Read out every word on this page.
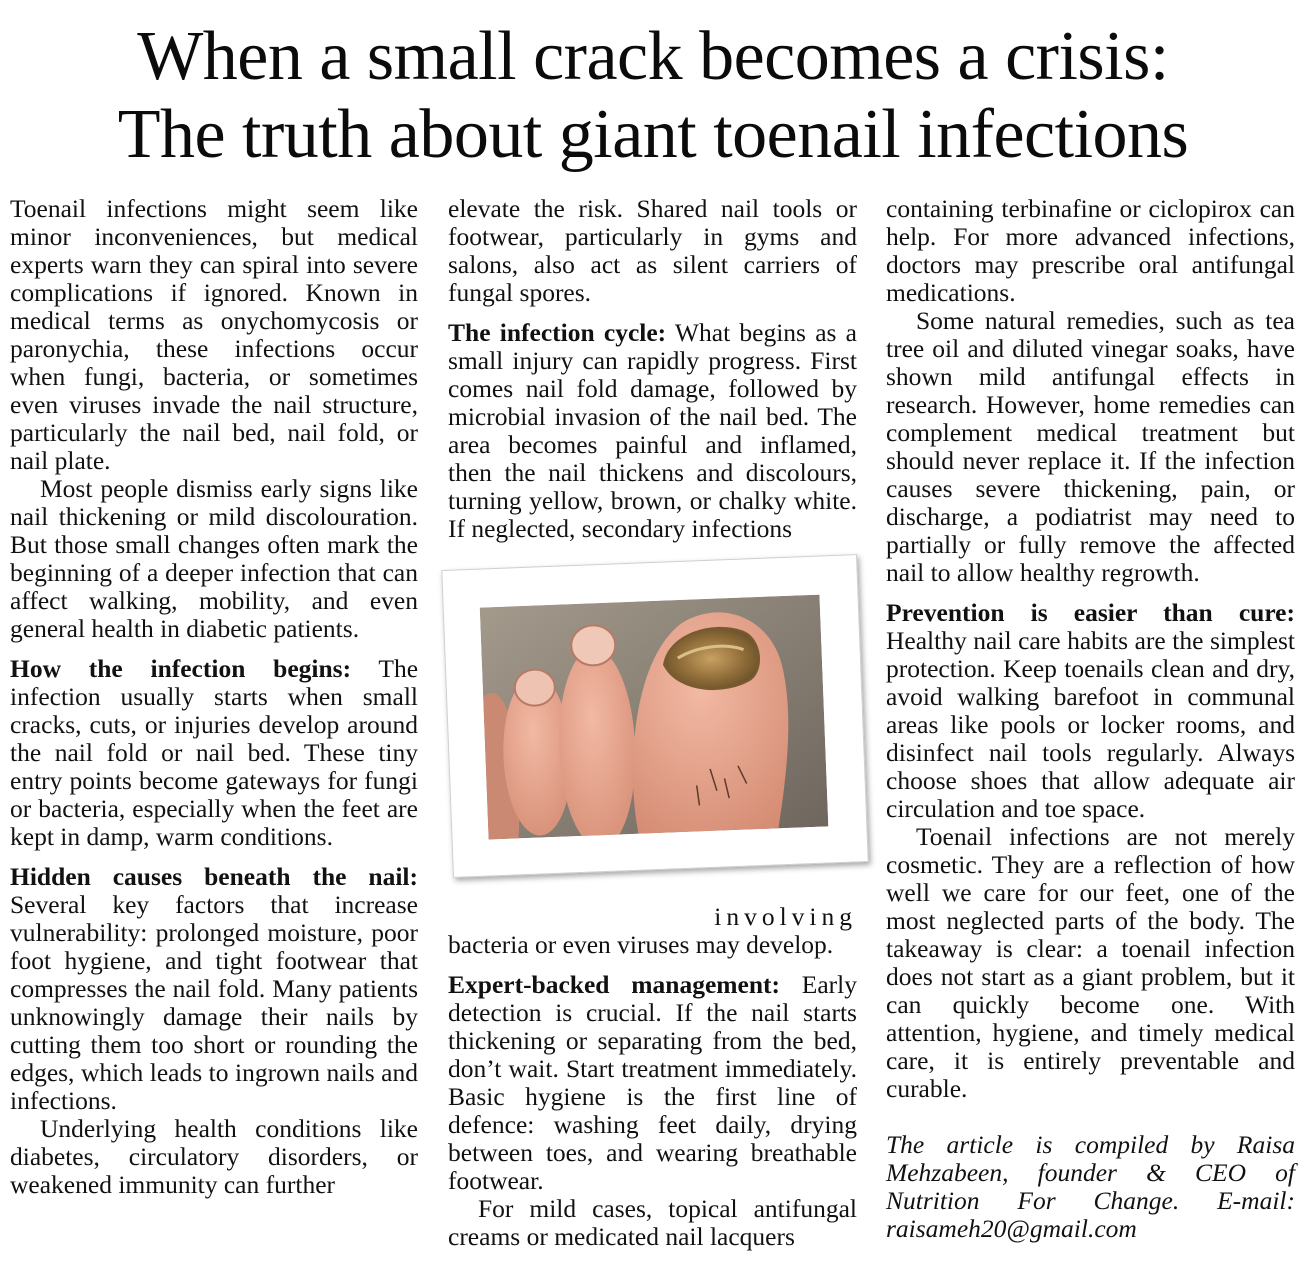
When a small crack becomes a crisis:
The truth about giant toenail infections

Toenail infections might seem like minor inconveniences, but medical experts warn they can spiral into severe complications if ignored. Known in medical terms as onychomycosis or paronychia, these infections occur when fungi, bacteria, or sometimes even viruses invade the nail structure, particularly the nail bed, nail fold, or nail plate.

Most people dismiss early signs like nail thickening or mild discolouration. But those small changes often mark the beginning of a deeper infection that can affect walking, mobility, and even general health in diabetic patients.

How the infection begins: The infection usually starts when small cracks, cuts, or injuries develop around the nail fold or nail bed. These tiny entry points become gateways for fungi or bacteria, especially when the feet are kept in damp, warm conditions.

Hidden causes beneath the nail: Several key factors that increase vulnerability: prolonged moisture, poor foot hygiene, and tight footwear that compresses the nail fold. Many patients unknowingly damage their nails by cutting them too short or rounding the edges, which leads to ingrown nails and infections.

Underlying health conditions like diabetes, circulatory disorders, or weakened immunity can further

elevate the risk. Shared nail tools or footwear, particularly in gyms and salons, also act as silent carriers of fungal spores.

The infection cycle: What begins as a small injury can rapidly progress. First comes nail fold damage, followed by microbial invasion of the nail bed. The area becomes painful and inflamed, then the nail thickens and discolours, turning yellow, brown, or chalky white. If neglected, secondary infections

involving

bacteria or even viruses may develop.

Expert-backed management: Early detection is crucial. If the nail starts thickening or separating from the bed, don’t wait. Start treatment immediately. Basic hygiene is the first line of defence: washing feet daily, drying between toes, and wearing breathable footwear.

For mild cases, topical antifungal creams or medicated nail lacquers

containing terbinafine or ciclopirox can help. For more advanced infections, doctors may prescribe oral antifungal medications.

Some natural remedies, such as tea tree oil and diluted vinegar soaks, have shown mild antifungal effects in research. However, home remedies can complement medical treatment but should never replace it. If the infection causes severe thickening, pain, or discharge, a podiatrist may need to partially or fully remove the affected nail to allow healthy regrowth.

Prevention is easier than cure: Healthy nail care habits are the simplest protection. Keep toenails clean and dry, avoid walking barefoot in communal areas like pools or locker rooms, and disinfect nail tools regularly. Always choose shoes that allow adequate air circulation and toe space.

Toenail infections are not merely cosmetic. They are a reflection of how well we care for our feet, one of the most neglected parts of the body. The takeaway is clear: a toenail infection does not start as a giant problem, but it can quickly become one. With attention, hygiene, and timely medical care, it is entirely preventable and curable.

The article is compiled by Raisa Mehzabeen, founder & CEO of Nutrition For Change. E-mail: raisameh20@gmail.com
